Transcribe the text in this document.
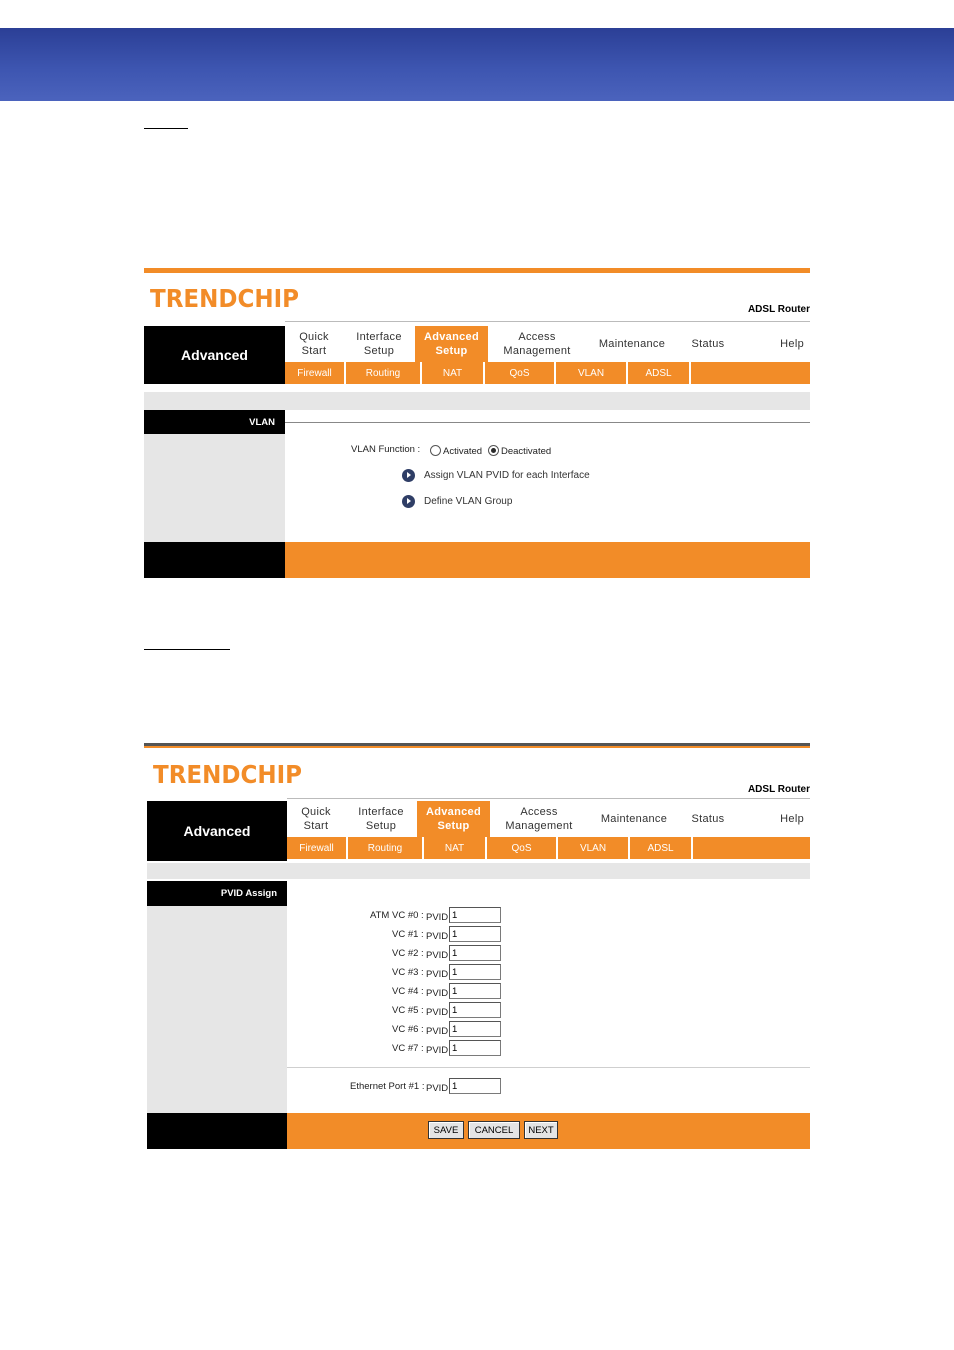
TRENDCHIP	ADSL Router
Advanced
Quick
Start
Interface
Setup
Advanced
Setup
Access
Management
Maintenance	Status	Help
Firewall	Routing	NAT	QoS	VLAN	ADSL
VLAN
VLAN Function : Activated Deactivated
Assign VLAN PVID for each Interface
Define VLAN Group
TRENDCHIP
ADSL Router
Advanced
Quick
Start
Interface
Setup
Advanced
Setup
Access
Management
Maintenance	Status	Help
Firewall	Routing	NAT	QoS	VLAN	ADSL
PVID Assign
ATM VC #0 : PVID
1
VC #1 : PVID
1
VC #2 : PVID
1
VC #3 : PVID
1
VC #4 : PVID
1
VC #5 : PVID
1
VC #6 : PVID
1
VC #7 : PVID
1
Ethernet Port #1 : PVID
1
SAVE	CANCEL	NEXT
